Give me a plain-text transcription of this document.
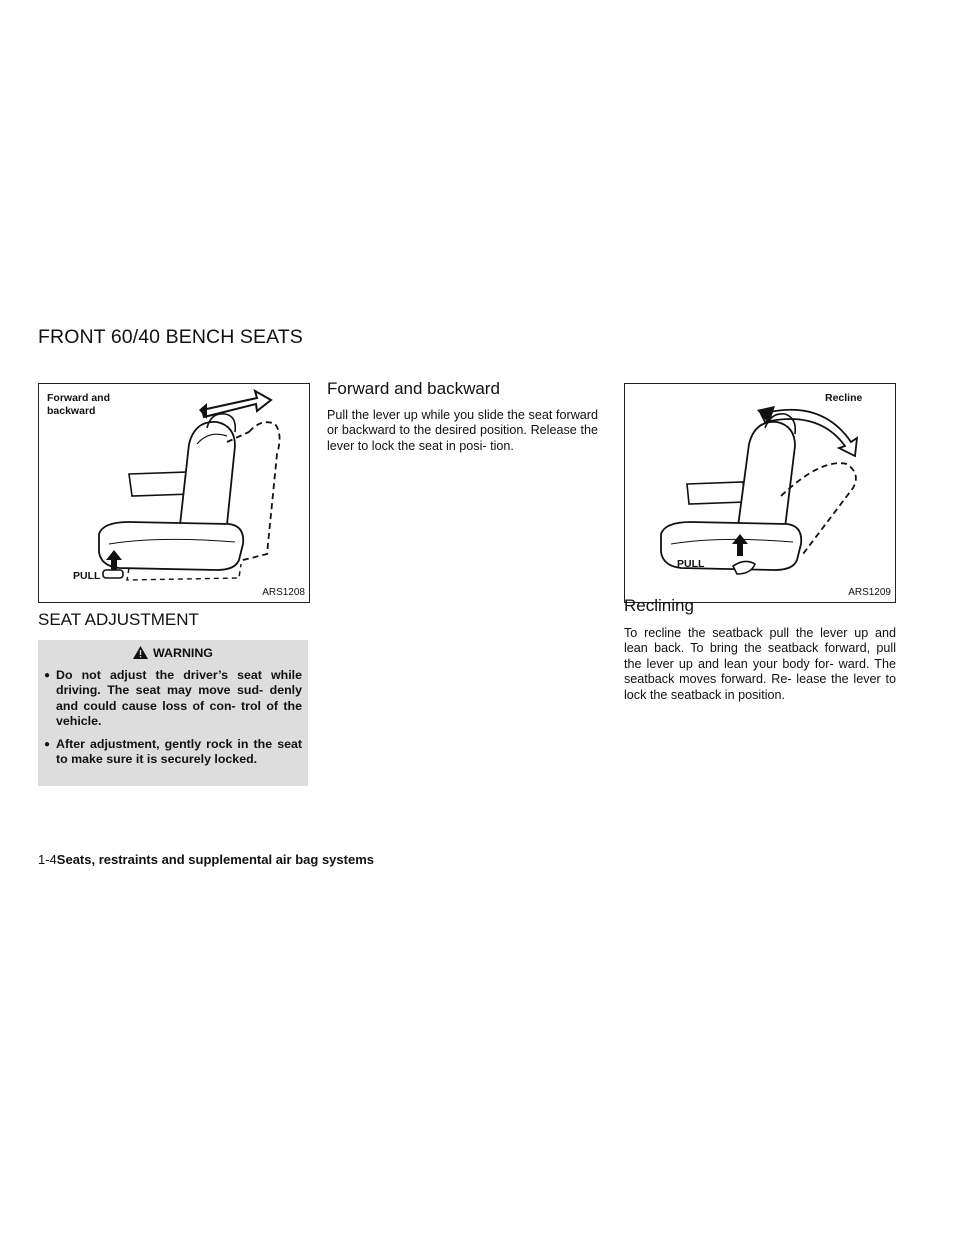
FRONT 60/40 BENCH SEATS
Forward and
backward
PULL
ARS1208
SEAT ADJUSTMENT
WARNING
● Do not adjust the driver’s seat while driving. The seat may move sud- denly and could cause loss of con- trol of the vehicle.
● After adjustment, gently rock in the seat to make sure it is securely locked.
Forward and backward

Pull the lever up while you slide the seat forward or backward to the desired position. Release the lever to lock the seat in posi- tion.

Recline
PULL
ARS1209
Reclining

To recline the seatback pull the lever up and lean back. To bring the seatback forward, pull the lever up and lean your body for- ward. The seatback moves forward. Re- lease the lever to lock the seatback in position.

1-4Seats, restraints and supplemental air bag systems
